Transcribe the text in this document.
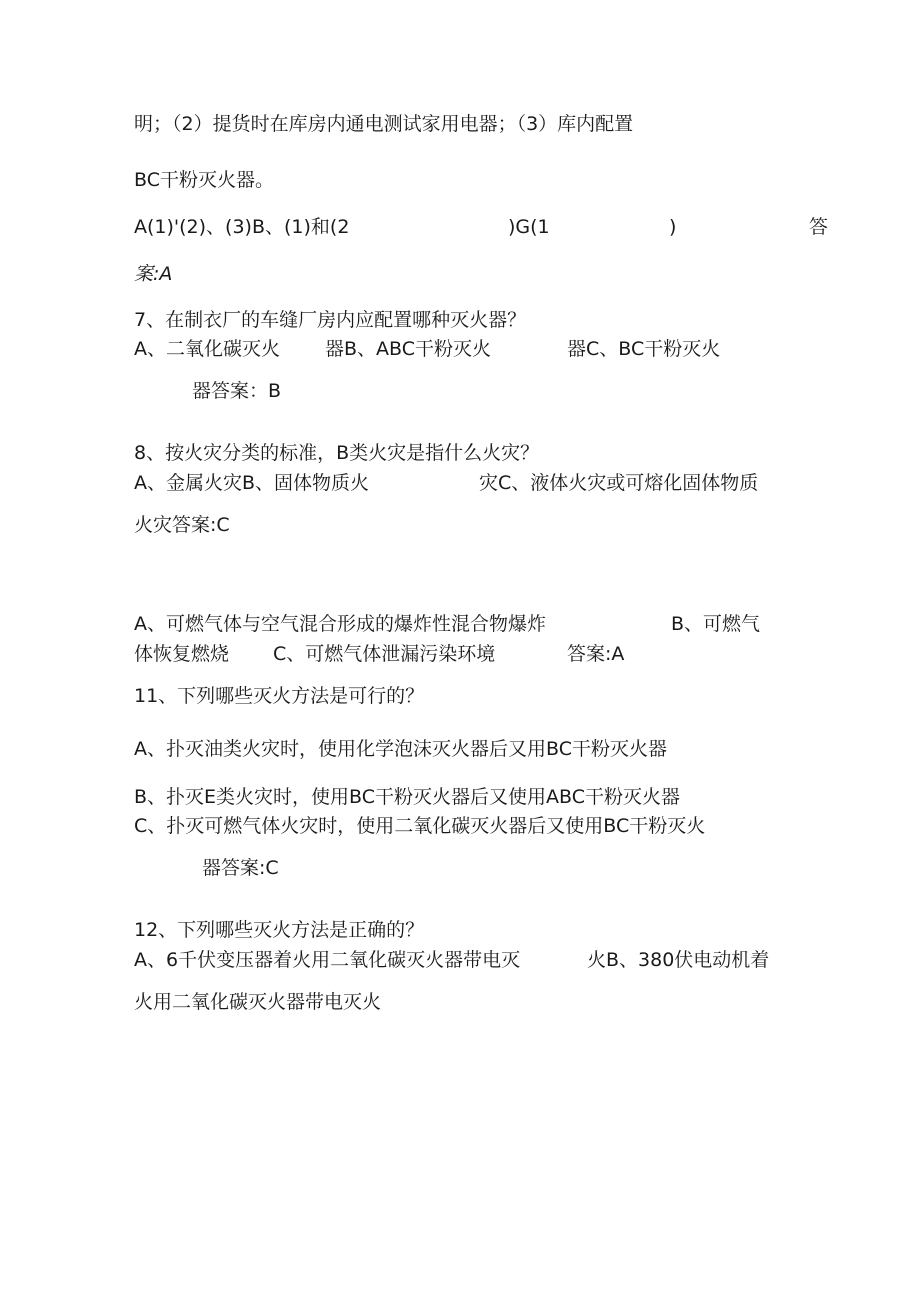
明；（2）提货时在库房内通电测试家用电器；（3）库内配置
BC干粉灭火器。
A(1)'(2)、(3)B、(1)和(2	)G(1	)	答
案:A
7、在制衣厂的车缝厂房内应配置哪种灭火器？
A、二氧化碳灭火 器B、ABC干粉灭火	器C、BC干粉灭火
器答案：B
8、按火灾分类的标准，B类火灾是指什么火灾？
A、金属火灾B、固体物质火	灾C、液体火灾或可熔化固体物质
火灾答案:C
A、可燃气体与空气混合形成的爆炸性混合物爆炸	B、可燃气
体恢复燃烧 C、可燃气体泄漏污染环境	答案:A
11、下列哪些灭火方法是可行的？
A、扑灭油类火灾时，使用化学泡沫灭火器后又用BC干粉灭火器
B、扑灭E类火灾时，使用BC干粉灭火器后又使用ABC干粉灭火器
C、扑灭可燃气体火灾时，使用二氧化碳灭火器后又使用BC干粉灭火
器答案:C
12、下列哪些灭火方法是正确的？
A、6千伏变压器着火用二氧化碳灭火器带电灭	火B、380伏电动机着
火用二氧化碳灭火器带电灭火
